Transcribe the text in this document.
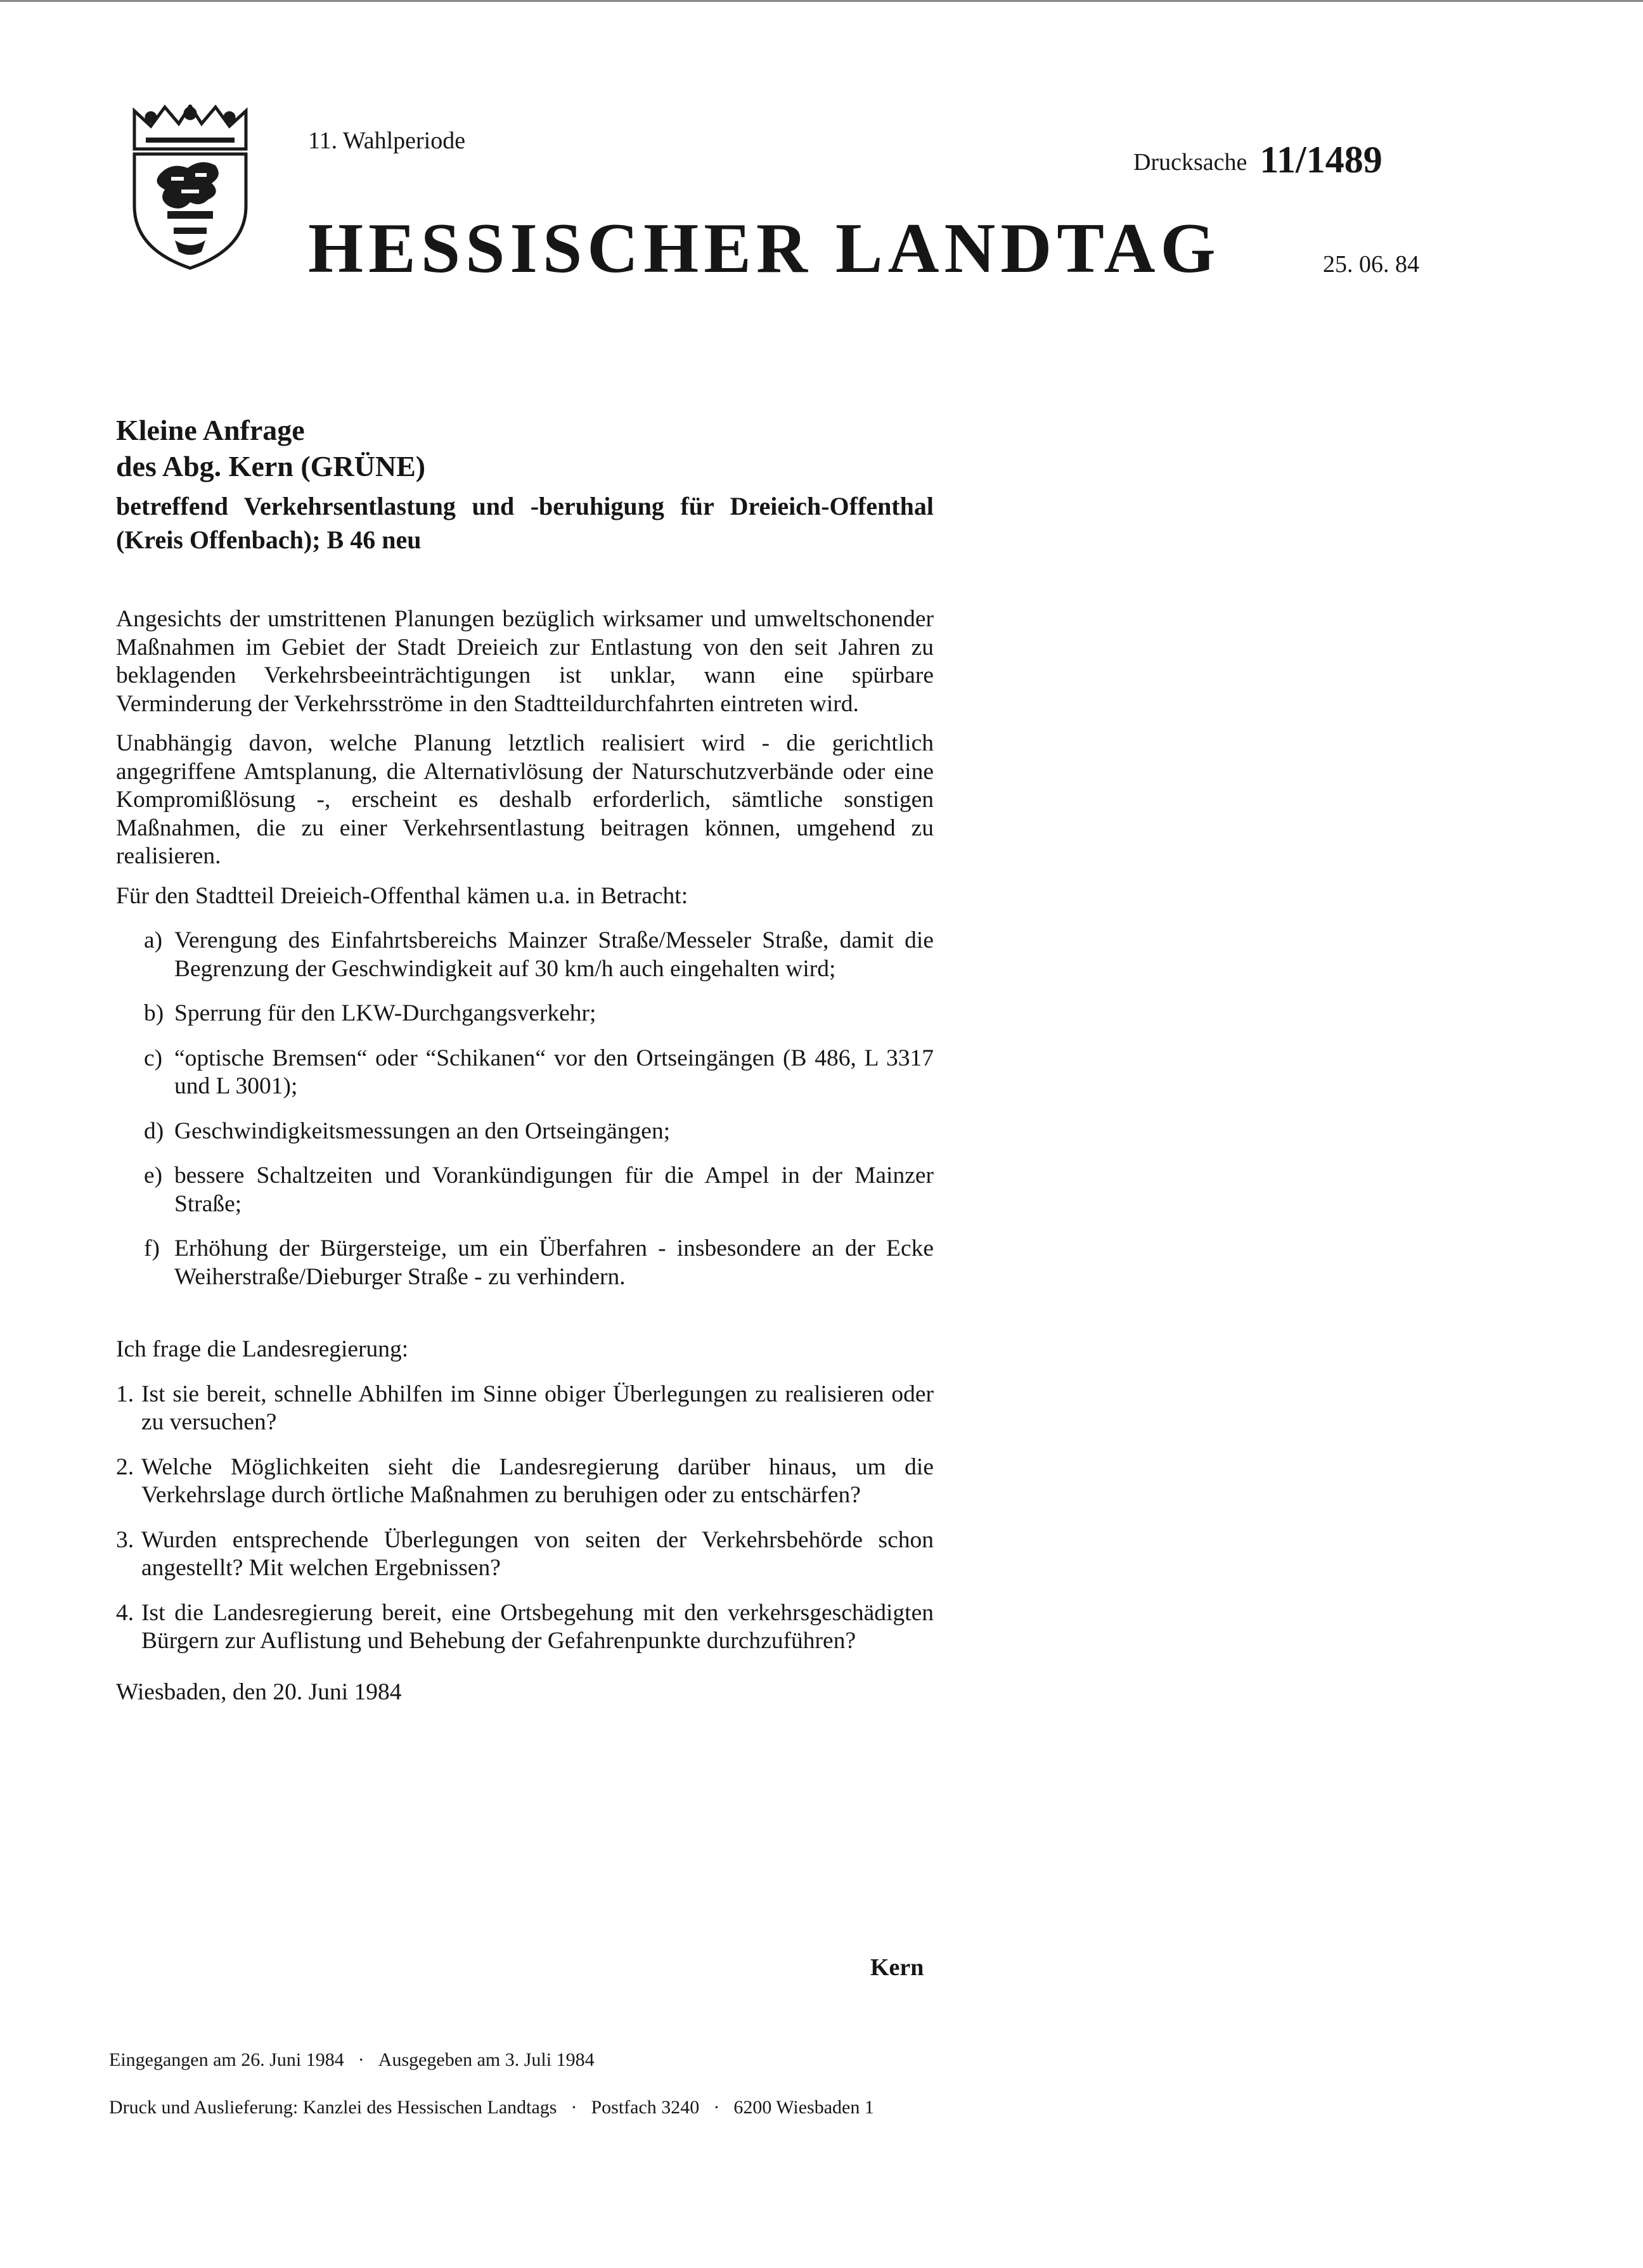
11. Wahlperiode
Drucksache 11/1489
HESSISCHER LANDTAG	25. 06. 84
Kleine Anfrage
des Abg. Kern (GRÜNE)
betreffend Verkehrsentlastung und -beruhigung für Dreieich-Offenthal (Kreis Offenbach); B 46 neu
Angesichts der umstrittenen Planungen bezüglich wirksamer und umweltschonender Maßnahmen im Gebiet der Stadt Dreieich zur Entlastung von den seit Jahren zu beklagenden Verkehrsbeeinträchtigungen ist unklar, wann eine spürbare Verminderung der Verkehrsströme in den Stadtteildurchfahrten eintreten wird.
Unabhängig davon, welche Planung letztlich realisiert wird - die gerichtlich angegriffene Amtsplanung, die Alternativlösung der Naturschutzverbände oder eine Kompromißlösung -, erscheint es deshalb erforderlich, sämtliche sonstigen Maßnahmen, die zu einer Verkehrsentlastung beitragen können, umgehend zu realisieren.
Für den Stadtteil Dreieich-Offenthal kämen u.a. in Betracht:
a) Verengung des Einfahrtsbereichs Mainzer Straße/Messeler Straße, damit die Begrenzung der Geschwindigkeit auf 30 km/h auch eingehalten wird;
b) Sperrung für den LKW-Durchgangsverkehr;
c) “optische Bremsen“ oder “Schikanen“ vor den Ortseingängen (B 486, L 3317 und L 3001);
d) Geschwindigkeitsmessungen an den Ortseingängen;
e) bessere Schaltzeiten und Vorankündigungen für die Ampel in der Mainzer Straße;
f) Erhöhung der Bürgersteige, um ein Überfahren - insbesondere an der Ecke Weiherstraße/Dieburger Straße - zu verhindern.
Ich frage die Landesregierung:
1. Ist sie bereit, schnelle Abhilfen im Sinne obiger Überlegungen zu realisieren oder zu versuchen?
2. Welche Möglichkeiten sieht die Landesregierung darüber hinaus, um die Verkehrslage durch örtliche Maßnahmen zu beruhigen oder zu entschärfen?
3. Wurden entsprechende Überlegungen von seiten der Verkehrsbehörde schon angestellt? Mit welchen Ergebnissen?
4. Ist die Landesregierung bereit, eine Ortsbegehung mit den verkehrsgeschädigten Bürgern zur Auflistung und Behebung der Gefahrenpunkte durchzuführen?
Wiesbaden, den 20. Juni 1984
Kern
Eingegangen am 26. Juni 1984 · Ausgegeben am 3. Juli 1984
Druck und Auslieferung: Kanzlei des Hessischen Landtags · Postfach 3240 · 6200 Wiesbaden 1
